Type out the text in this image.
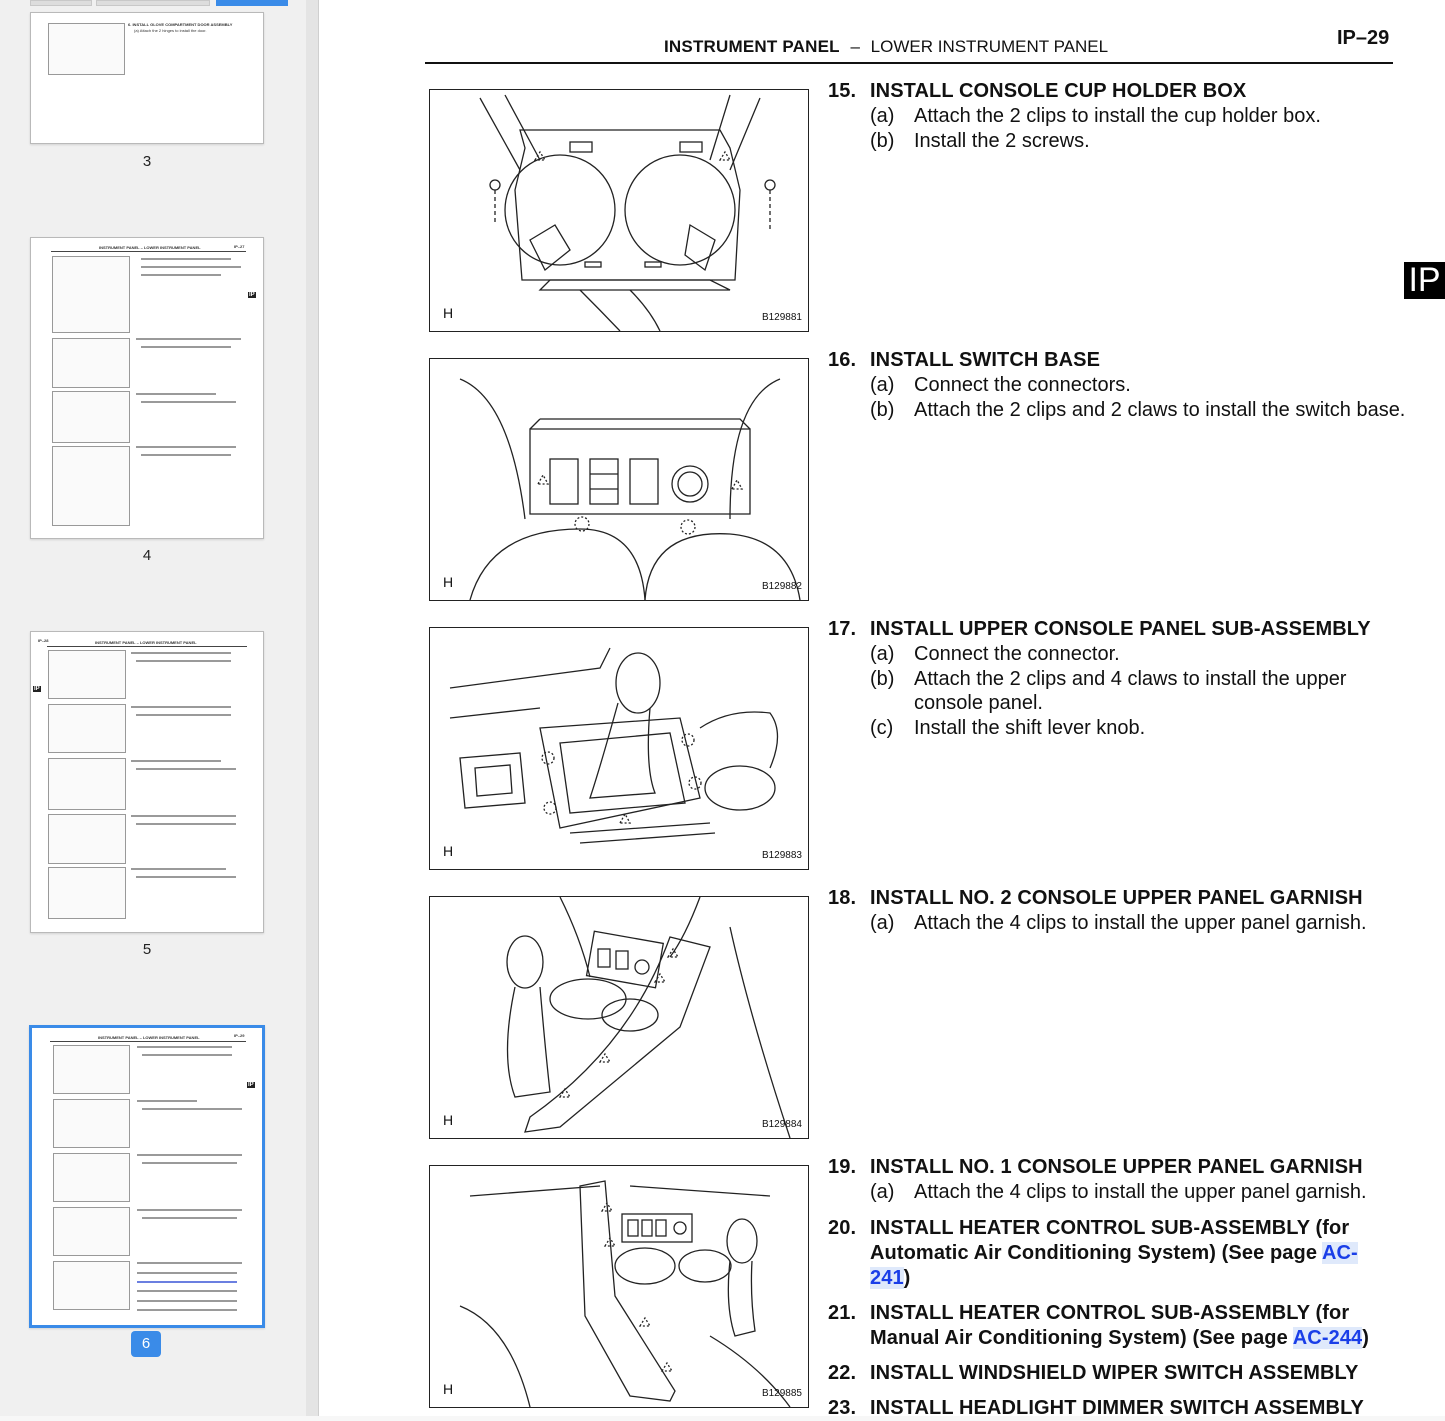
6. INSTALL GLOVE COMPARTMENT DOOR ASSEMBLY
(a) Attach the 2 hinges to install the door.
3
INSTRUMENT PANEL – LOWER INSTRUMENT PANEL	IP–27
IP
4
IP–28	INSTRUMENT PANEL – LOWER INSTRUMENT PANEL
IP
5
INSTRUMENT PANEL – LOWER INSTRUMENT PANEL	IP–29
IP
6
INSTRUMENT PANEL – LOWER INSTRUMENT PANEL	IP–29
IP
H	B129881
H	B129882
H	B129883
H	B129884
H	B129885
15. INSTALL CONSOLE CUP HOLDER BOX
(a) Attach the 2 clips to install the cup holder box.
(b) Install the 2 screws.
16. INSTALL SWITCH BASE
(a) Connect the connectors.
(b) Attach the 2 clips and 2 claws to install the switch base.
17. INSTALL UPPER CONSOLE PANEL SUB-ASSEMBLY
(a) Connect the connector.
(b) Attach the 2 clips and 4 claws to install the upper console panel.
(c)	Install the shift lever knob.
18. INSTALL NO. 2 CONSOLE UPPER PANEL GARNISH
(a) Attach the 4 clips to install the upper panel garnish.
19. INSTALL NO. 1 CONSOLE UPPER PANEL GARNISH
(a) Attach the 4 clips to install the upper panel garnish.
20. INSTALL HEATER CONTROL SUB-ASSEMBLY (for
Automatic Air Conditioning System) (See page AC-241)
21. INSTALL HEATER CONTROL SUB-ASSEMBLY (for
Manual Air Conditioning System) (See page AC-244)
22. INSTALL WINDSHIELD WIPER SWITCH ASSEMBLY
23. INSTALL HEADLIGHT DIMMER SWITCH ASSEMBLY
